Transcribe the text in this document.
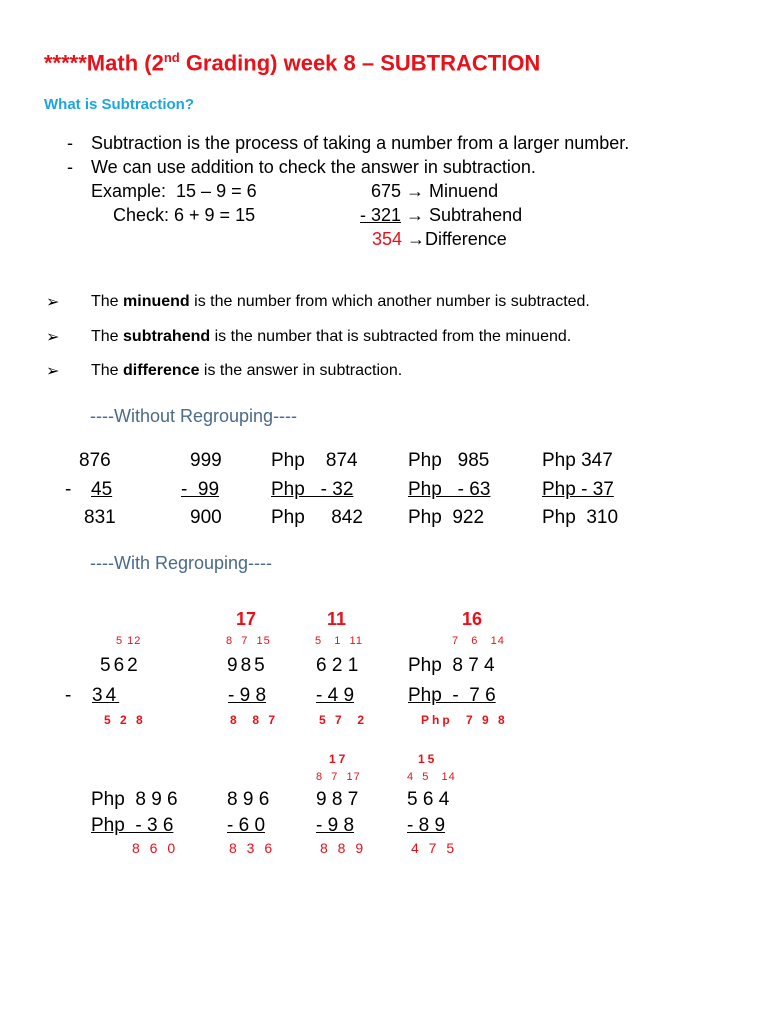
*****Math (2nd Grading) week 8 – SUBTRACTION
What is Subtraction?
- Subtraction is the process of taking a number from a larger number.
- We can use addition to check the answer in subtraction.
Example:  15 – 9 = 6
Check: 6 + 9 = 15
675 → Minuend
- 321 → Subtrahend
354 →Difference
➢ The minuend is the number from which another number is subtracted.
➢ The subtrahend is the number that is subtracted from the minuend.
➢ The difference is the answer in subtraction.
----Without Regrouping----
876
- 45
831
999
-  99
900
Php    874
Php   - 32
Php     842
Php   985
Php   - 63
Php  922
Php 347
Php - 37
Php  310
----With Regrouping----
5 12
562
- 34
5 2 8
17
8  7  15
985
- 9 8
8  8 7
11
5   1  11
6 2 1
- 4 9
5 7  2
16
7   6   14
Php  8 7 4
Php  -  7 6
Php 7 9 8
17
8  7  17
15
4  5   14
Php  8 9 6
Php  - 3 6
8 6 0
8 9 6
- 6 0
8 3 6
9 8 7
- 9 8
8 8 9
5 6 4
- 8 9
4 7 5
